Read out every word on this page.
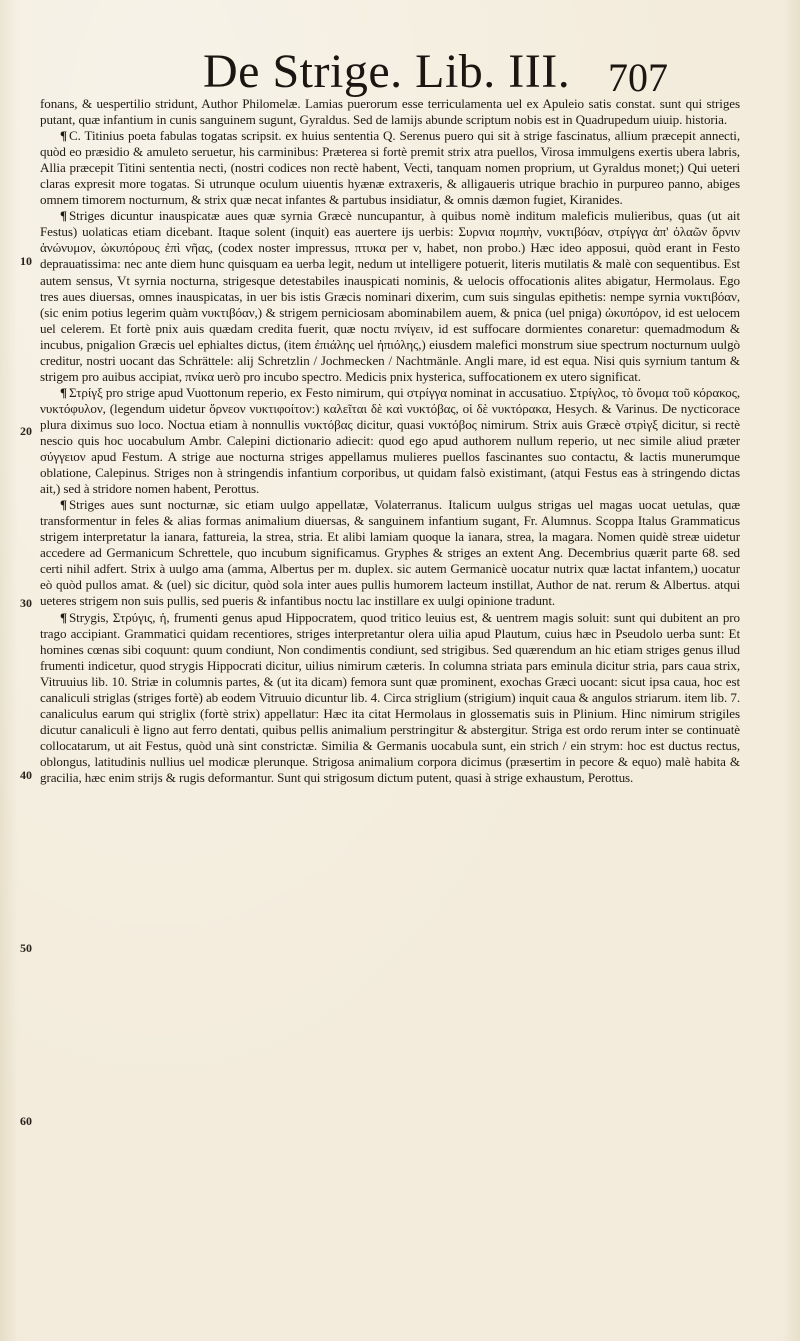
De Strige. Lib. III. 707
10
20
30
40
50
60

fonans, & uespertilio stridunt, Author Philomelæ. Lamias puerorum esse terriculamenta uel ex Apuleio satis constat. sunt qui striges putant, quæ infantium in cunis sanguinem sugunt, Gyraldus. Sed de lamijs abunde scriptum nobis est in Quadrupedum uiuip. historia.

¶ C. Titinius poeta fabulas togatas scripsit. ex huius sententia Q. Serenus puero qui sit à strige fascinatus, allium præcepit annecti, quòd eo præsidio & amuleto seruetur, his carminibus: Præterea si fortè premit strix atra puellos, Virosa immulgens exertis ubera labris, Allia præcepit Titini sententia necti, (nostri codices non rectè habent, Vecti, tanquam nomen proprium, ut Gyraldus monet;) Qui ueteri claras expresit more togatas. Si utrunque oculum uiuentis hyænæ extraxeris, & alligaueris utrique brachio in purpureo panno, abiges omnem timorem nocturnum, & strix quæ necat infantes & partubus insidiatur, & omnis dæmon fugiet, Kiranides.

¶ Striges dicuntur inauspicatæ aues quæ syrnia Græcè nuncupantur, à quibus nomè inditum maleficis mulieribus, quas (ut ait Festus) uolaticas etiam dicebant. Itaque solent (inquit) eas auertere ijs uerbis: Συρνια πομπὴν, νυκτιβόαν, στρίγγα ἀπ' ὀλαῶν ὄρνιν ἀνώνυμον, ὠκυπόρους ἐπὶ νῆας, (codex noster impressus, πτυκα per v, habet, non probo.) Hæc ideo apposui, quòd erant in Festo deprauatissima: nec ante diem hunc quisquam ea uerba legit, nedum ut intelligere potuerit, literis mutilatis & malè con sequentibus. Est autem sensus, Vt syrnia nocturna, strigesque detestabiles inauspicati nominis, & uelocis offocationis alites abigatur, Hermolaus. Ego tres aues diuersas, omnes inauspicatas, in uer bis istis Græcis nominari dixerim, cum suis singulas epithetis: nempe syrnia νυκτιβόαν, (sic enim potius legerim quàm νυκτιβόαν,) & strigem perniciosam abominabilem auem, & pnica (uel pniga) ὠκυπόρον, id est uelocem uel celerem. Et fortè pnix auis quædam credita fuerit, quæ noctu πνίγειν, id est suffocare dormientes conaretur: quemadmodum & incubus, pnigalion Græcis uel ephialtes dictus, (item ἐπιάλης uel ἠπιόλης,) eiusdem malefici monstrum siue spectrum nocturnum uulgò creditur, nostri uocant das Schrättele: alij Schretzlin / Jochmecken / Nachtmänle. Angli mare, id est equa. Nisi quis syrnium tantum & strigem pro auibus accipiat, πνίκα uerò pro incubo spectro. Medicis pnix hysterica, suffocationem ex utero significat.

¶ Στρίγξ pro strige apud Vuottonum reperio, ex Festo nimirum, qui στρίγγα nominat in accusatiuo. Στρίγλος, τὸ ὄνομα τοῦ κόρακος, νυκτόφυλον, (legendum uidetur ὄρνεον νυκτιφοίτον:) καλεῖται δὲ καὶ νυκτόβας, οἱ δὲ νυκτόρακα, Hesych. & Varinus. De nycticorace plura diximus suo loco. Noctua etiam à nonnullis νυκτόβας dicitur, quasi νυκτόβος nimirum. Strix auis Græcè στρὶγξ dicitur, si rectè nescio quis hoc uocabulum Ambr. Calepini dictionario adiecit: quod ego apud authorem nullum reperio, ut nec simile aliud præter σύγγειον apud Festum. A strige aue nocturna striges appellamus mulieres puellos fascinantes suo contactu, & lactis munerumque oblatione, Calepinus. Striges non à stringendis infantium corporibus, ut quidam falsò existimant, (atqui Festus eas à stringendo dictas ait,) sed à stridore nomen habent, Perottus.

¶ Striges aues sunt nocturnæ, sic etiam uulgo appellatæ, Volaterranus. Italicum uulgus strigas uel magas uocat uetulas, quæ transformentur in feles & alias formas animalium diuersas, & sanguinem infantium sugant, Fr. Alumnus. Scoppa Italus Grammaticus strigem interpretatur la ianara, fattureia, la strea, stria. Et alibi lamiam quoque la ianara, strea, la magara. Nomen quidè streæ uidetur accedere ad Germanicum Schrettele, quo incubum significamus. Gryphes & striges an extent Ang. Decembrius quærit parte 68. sed certi nihil adfert. Strix à uulgo ama (amma, Albertus per m. duplex. sic autem Germanicè uocatur nutrix quæ lactat infantem,) uocatur eò quòd pullos amat. & (uel) sic dicitur, quòd sola inter aues pullis humorem lacteum instillat, Author de nat. rerum & Albertus. atqui ueteres strigem non suis pullis, sed pueris & infantibus noctu lac instillare ex uulgi opinione tradunt.

¶ Strygis, Στρύγις, ἡ, frumenti genus apud Hippocratem, quod tritico leuius est, & uentrem magis soluit: sunt qui dubitent an pro trago accipiant. Grammatici quidam recentiores, striges interpretantur olera uilia apud Plautum, cuius hæc in Pseudolo uerba sunt: Et homines cœnas sibi coquunt: quum condiunt, Non condimentis condiunt, sed strigibus. Sed quærendum an hic etiam striges genus illud frumenti indicetur, quod strygis Hippocrati dicitur, uilius nimirum cæteris. In columna striata pars eminula dicitur stria, pars caua strix, Vitruuius lib. 10. Striæ in columnis partes, & (ut ita dicam) femora sunt quæ prominent, exochas Græci uocant: sicut ipsa caua, hoc est canaliculi striglas (striges fortè) ab eodem Vitruuio dicuntur lib. 4. Circa striglium (strigium) inquit caua & angulos striarum. item lib. 7. canaliculus earum qui striglix (fortè strix) appellatur: Hæc ita citat Hermolaus in glossematis suis in Plinium. Hinc nimirum strigiles dicutur canaliculi è ligno aut ferro dentati, quibus pellis animalium perstringitur & abstergitur. Striga est ordo rerum inter se continuatè collocatarum, ut ait Festus, quòd unà sint constrictæ. Similia & Germanis uocabula sunt, ein strich / ein strym: hoc est ductus rectus, oblongus, latitudinis nullius uel modicæ plerunque. Strigosa animalium corpora dicimus (præsertim in pecore & equo) malè habita & gracilia, hæc enim strijs & rugis deformantur. Sunt qui strigosum dictum putent, quasi à strige exhaustum, Perottus.
